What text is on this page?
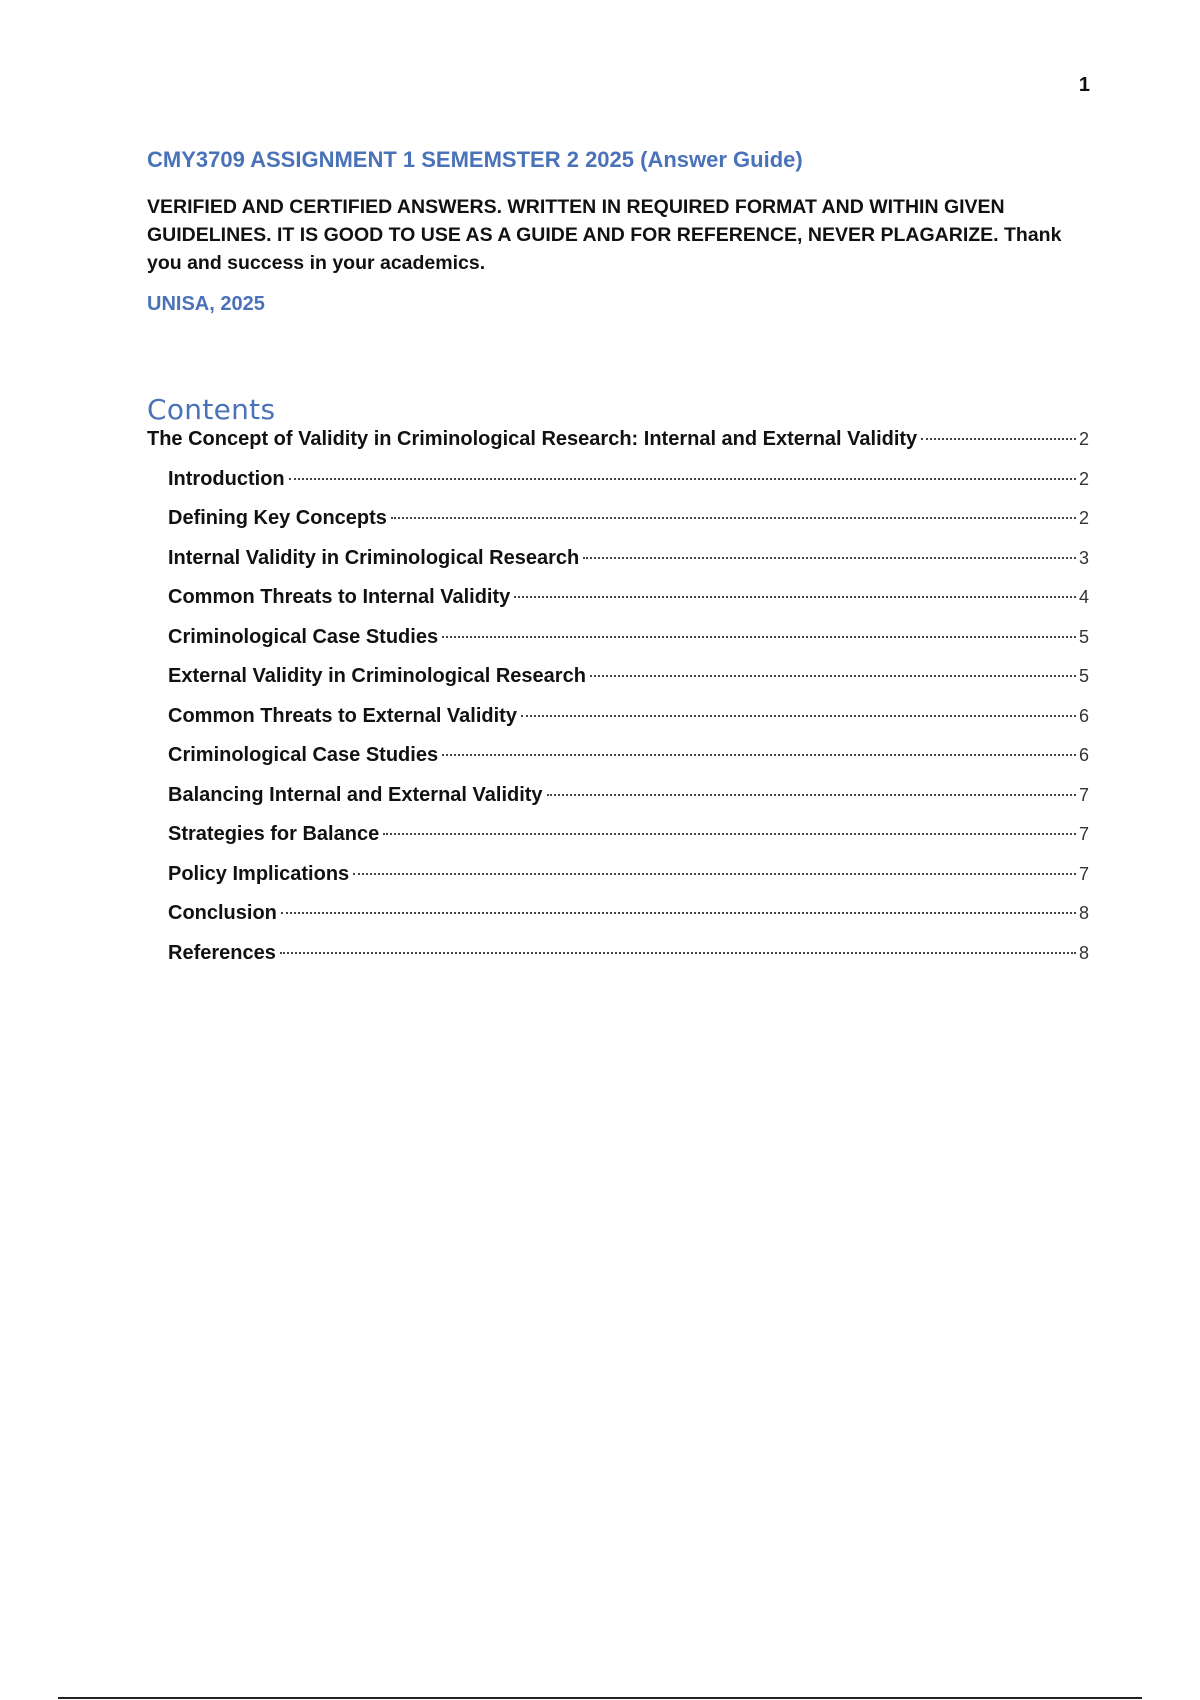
1
CMY3709 ASSIGNMENT 1 SEMEMSTER 2 2025 (Answer Guide)
VERIFIED AND CERTIFIED ANSWERS. WRITTEN IN REQUIRED FORMAT AND WITHIN GIVEN GUIDELINES. IT IS GOOD TO USE AS A GUIDE AND FOR REFERENCE, NEVER PLAGARIZE. Thank you and success in your academics.
UNISA, 2025
Contents
The Concept of Validity in Criminological Research: Internal and External Validity	2
Introduction	2
Defining Key Concepts	2
Internal Validity in Criminological Research	3
Common Threats to Internal Validity	4
Criminological Case Studies	5
External Validity in Criminological Research	5
Common Threats to External Validity	6
Criminological Case Studies	6
Balancing Internal and External Validity	7
Strategies for Balance	7
Policy Implications	7
Conclusion	8
References	8
